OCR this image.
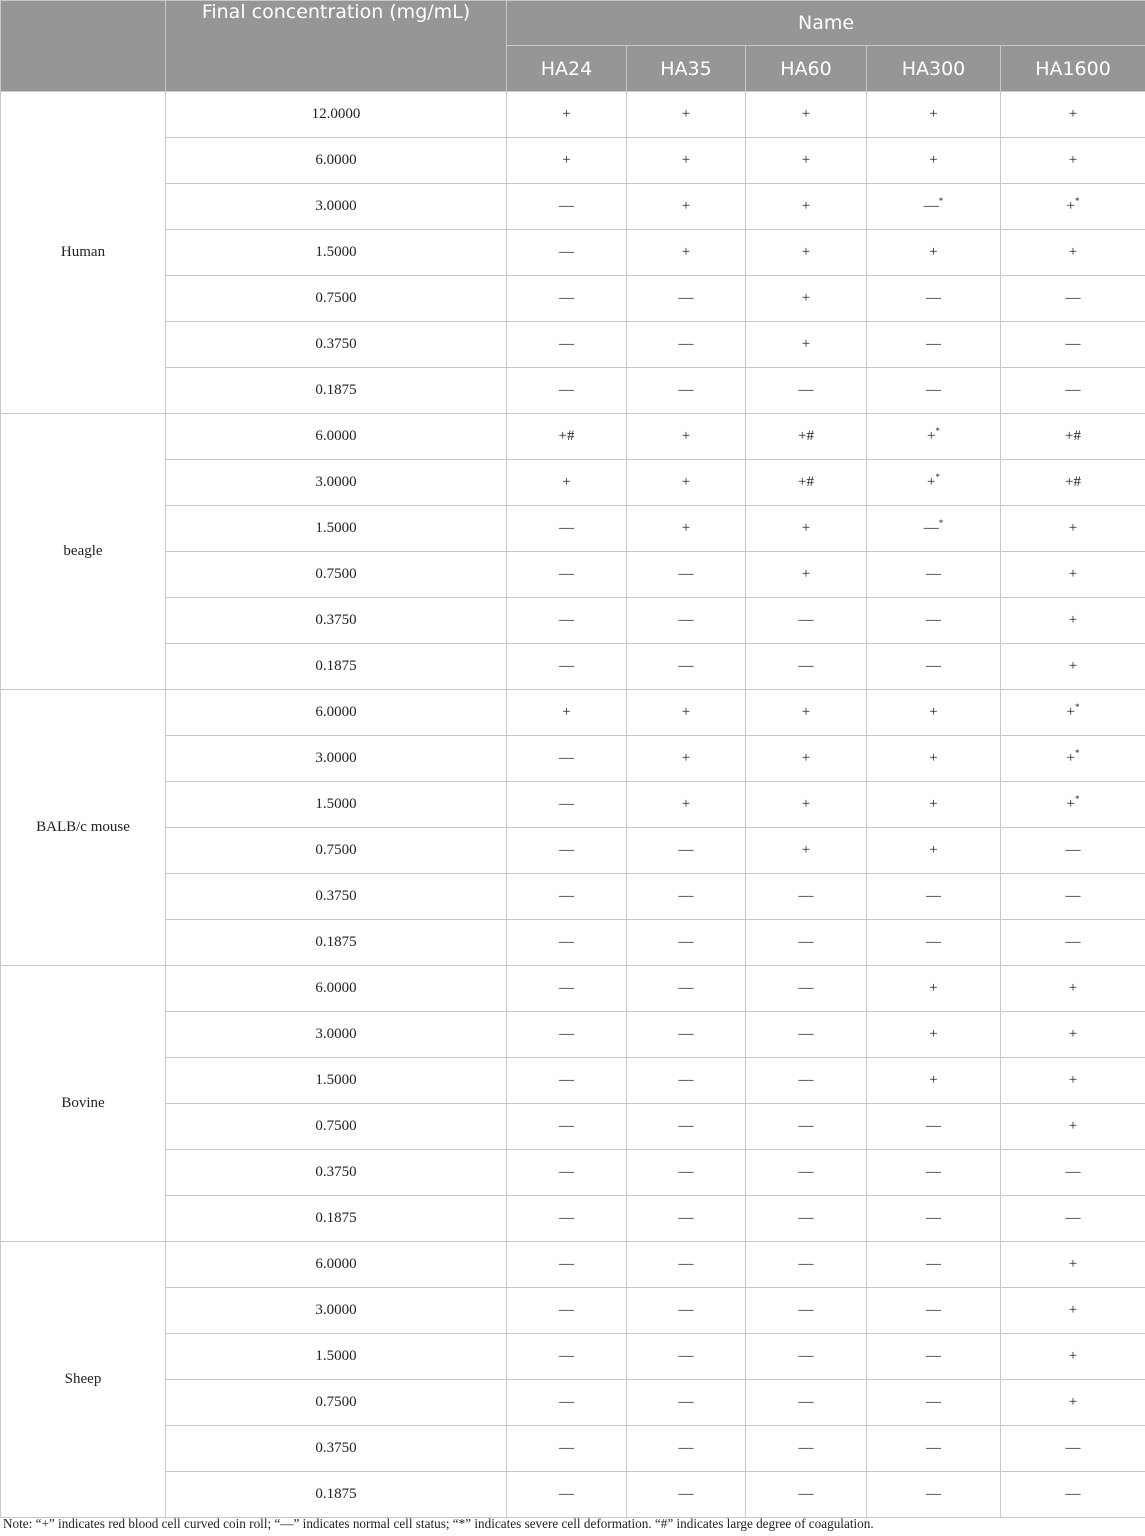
	Final concentration (mg/mL)	Name				
		HA24	HA35	HA60	HA300	HA1600
Human	12.0000	+	+	+	+	+
	6.0000	+	+	+	+	+
	3.0000	—	+	+	—*	+*
	1.5000	—	+	+	+	+
	0.7500	—	—	+	—	—
	0.3750	—	—	+	—	—
	0.1875	—	—	—	—	—
beagle	6.0000	+#	+	+#	+*	+#
	3.0000	+	+	+#	+*	+#
	1.5000	—	+	+	—*	+
	0.7500	—	—	+	—	+
	0.3750	—	—	—	—	+
	0.1875	—	—	—	—	+
BALB/c mouse	6.0000	+	+	+	+	+*
	3.0000	—	+	+	+	+*
	1.5000	—	+	+	+	+*
	0.7500	—	—	+	+	—
	0.3750	—	—	—	—	—
	0.1875	—	—	—	—	—
Bovine	6.0000	—	—	—	+	+
	3.0000	—	—	—	+	+
	1.5000	—	—	—	+	+
	0.7500	—	—	—	—	+
	0.3750	—	—	—	—	—
	0.1875	—	—	—	—	—
Sheep	6.0000	—	—	—	—	+
	3.0000	—	—	—	—	+
	1.5000	—	—	—	—	+
	0.7500	—	—	—	—	+
	0.3750	—	—	—	—	—
	0.1875	—	—	—	—	—
Note: “+” indicates red blood cell curved coin roll; “—” indicates normal cell status; “*” indicates severe cell deformation. “#” indicates large degree of coagulation.
